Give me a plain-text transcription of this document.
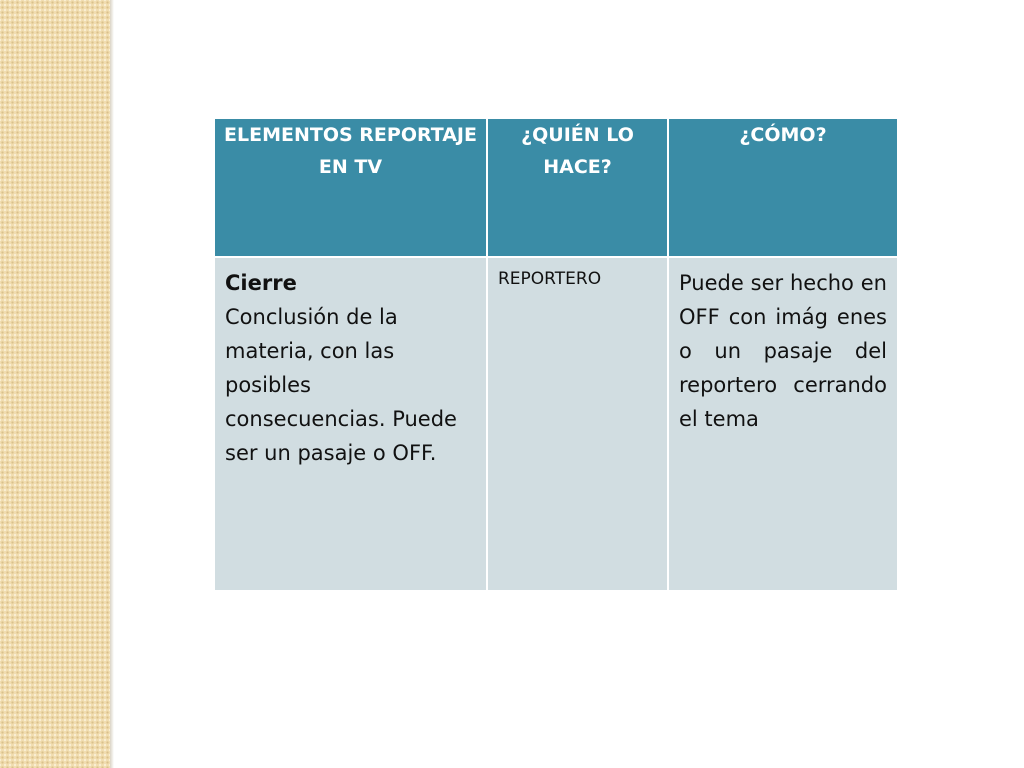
ELEMENTOS REPORTAJE EN TV	¿QUIÉN LO HACE?	¿CÓMO?

Cierre
Conclusión de la materia, con las posibles consecuencias. Puede ser un pasaje o OFF.	REPORTERO	Puede ser hecho en OFF con imág enes o un pasaje del reportero cerrando el tema
